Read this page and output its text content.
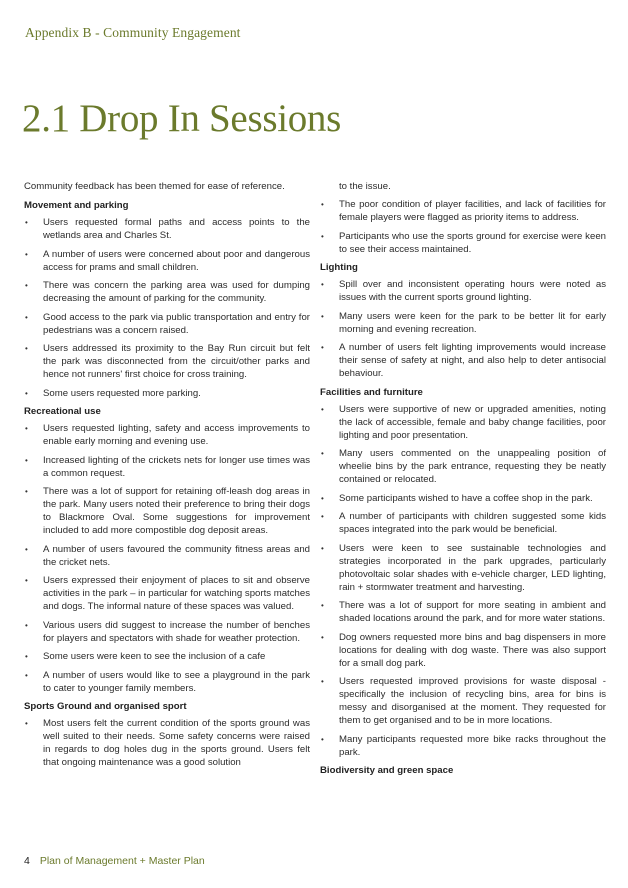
Appendix B - Community Engagement
2.1 Drop In Sessions

Community feedback has been themed for ease of reference.

Movement and parking
• Users requested formal paths and access points to the wetlands area and Charles St.
• A number of users were concerned about poor and dangerous access for prams and small children.
• There was concern the parking area was used for dumping decreasing the amount of parking for the community.
• Good access to the park via public transportation and entry for pedestrians was a concern raised.
• Users addressed its proximity to the Bay Run circuit but felt the park was disconnected from the circuit/other parks and hence not runners' first choice for cross training.
• Some users requested more parking.
Recreational use
• Users requested lighting, safety and access improvements to enable early morning and evening use.
• Increased lighting of the crickets nets for longer use times was a common request.
• There was a lot of support for retaining off-leash dog areas in the park. Many users noted their preference to bring their dogs to Blackmore Oval. Some suggestions for improvement included to add more compostible dog deposit areas.
• A number of users favoured the community fitness areas and the cricket nets.
• Users expressed their enjoyment of places to sit and observe activities in the park – in particular for watching sports matches and dogs. The informal nature of these spaces was valued.
• Various users did suggest to increase the number of benches for players and spectators with shade for weather protection.
• Some users were keen to see the inclusion of a cafe
• A number of users would like to see a playground in the park to cater to younger family members.
Sports Ground and organised sport
• Most users felt the current condition of the sports ground was well suited to their needs. Some safety concerns were raised in regards to dog holes dug in the sports ground. Users felt that ongoing maintenance was a good solution

to the issue.

• The poor condition of player facilities, and lack of facilities for female players were flagged as priority items to address.
• Participants who use the sports ground for exercise were keen to see their access maintained.
Lighting
• Spill over and inconsistent operating hours were noted as issues with the current sports ground lighting.
• Many users were keen for the park to be better lit for early morning and evening recreation.
• A number of users felt lighting improvements would increase their sense of safety at night, and also help to deter antisocial behaviour.
Facilities and furniture
• Users were supportive of new or upgraded amenities, noting the lack of accessible, female and baby change facilities, poor lighting and poor presentation.
• Many users commented on the unappealing position of wheelie bins by the park entrance, requesting they be neatly contained or relocated.
• Some participants wished to have a coffee shop in the park.
• A number of participants with children suggested some kids spaces integrated into the park would be beneficial.
• Users were keen to see sustainable technologies and strategies incorporated in the park upgrades, particularly photovoltaic solar shades with e-vehicle charger, LED lighting, rain + stormwater treatment and harvesting.
• There was a lot of support for more seating in ambient and shaded locations around the park, and for more water stations.
• Dog owners requested more bins and bag dispensers in more locations for dealing with dog waste. There was also support for a small dog park.
• Users requested improved provisions for waste disposal - specifically the inclusion of recycling bins, area for bins is messy and disorganised at the moment. They requested for them to get organised and to be in more locations.
• Many participants requested more bike racks throughout the park.
Biodiversity and green space
4 Plan of Management + Master Plan
